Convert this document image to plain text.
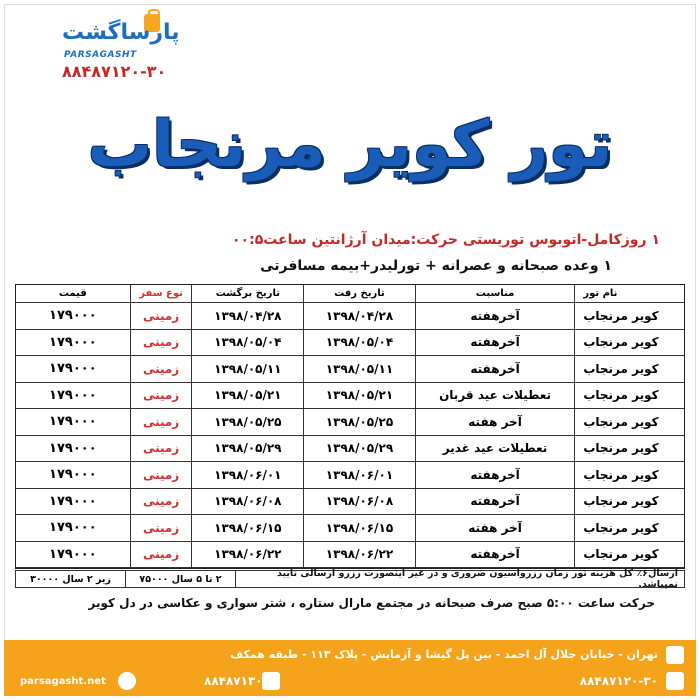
پارساگشت
PARSAGASHT
۸۸۴۸۷۱۲۰-۳۰
تور کویر مرنجاب
۱ روزکامل-اتوبوس توریستی حرکت:میدان آرژانتین ساعت۰۰:۵
۱ وعده صبحانه و عصرانه + تورلیدر+بیمه مسافرتی
نام تور
مناسبت
تاریخ رفت
تاریخ برگشت
نوع سفر
قیمت
کویر مرنجاب
آخرهفته
۱۳۹۸/۰۴/۲۸
۱۳۹۸/۰۴/۲۸
زمینی
۱۷۹۰۰۰
کویر مرنجاب
آخرهفته
۱۳۹۸/۰۵/۰۴
۱۳۹۸/۰۵/۰۴
زمینی
۱۷۹۰۰۰
کویر مرنجاب
آخرهفته
۱۳۹۸/۰۵/۱۱
۱۳۹۸/۰۵/۱۱
زمینی
۱۷۹۰۰۰
کویر مرنجاب
تعطیلات عید قربان
۱۳۹۸/۰۵/۲۱
۱۳۹۸/۰۵/۲۱
زمینی
۱۷۹۰۰۰
کویر مرنجاب
آخر هفته
۱۳۹۸/۰۵/۲۵
۱۳۹۸/۰۵/۲۵
زمینی
۱۷۹۰۰۰
کویر مرنجاب
تعطیلات عید غدیر
۱۳۹۸/۰۵/۲۹
۱۳۹۸/۰۵/۲۹
زمینی
۱۷۹۰۰۰
کویر مرنجاب
آخرهفته
۱۳۹۸/۰۶/۰۱
۱۳۹۸/۰۶/۰۱
زمینی
۱۷۹۰۰۰
کویر مرنجاب
آخرهفته
۱۳۹۸/۰۶/۰۸
۱۳۹۸/۰۶/۰۸
زمینی
۱۷۹۰۰۰
کویر مرنجاب
آخر هفته
۱۳۹۸/۰۶/۱۵
۱۳۹۸/۰۶/۱۵
زمینی
۱۷۹۰۰۰
کویر مرنجاب
آخرهفته
۱۳۹۸/۰۶/۲۲
۱۳۹۸/۰۶/۲۲
زمینی
۱۷۹۰۰۰
ارسال۶٪ کل هزینه تور زمان رزرواسیون ضروری و در غیر اینصورت رزرو ارسالی تایید نمیباشد.
۲ تا ۵ سال ۷۵۰۰۰
زیر ۲ سال ۳۰۰۰۰
حرکت ساعت ۵:۰۰ صبح صرف صبحانه در مجتمع مارال ستاره ، شتر سواری و عکاسی در دل کویر
تهران - خیابان جلال آل احمد - بین پل گیشا و آزمایش - پلاک ۱۱۳ - طبقه همکف
۸۸۴۸۷۱۲۰-۳۰
۸۸۴۸۷۱۳۰
parsagasht.net
